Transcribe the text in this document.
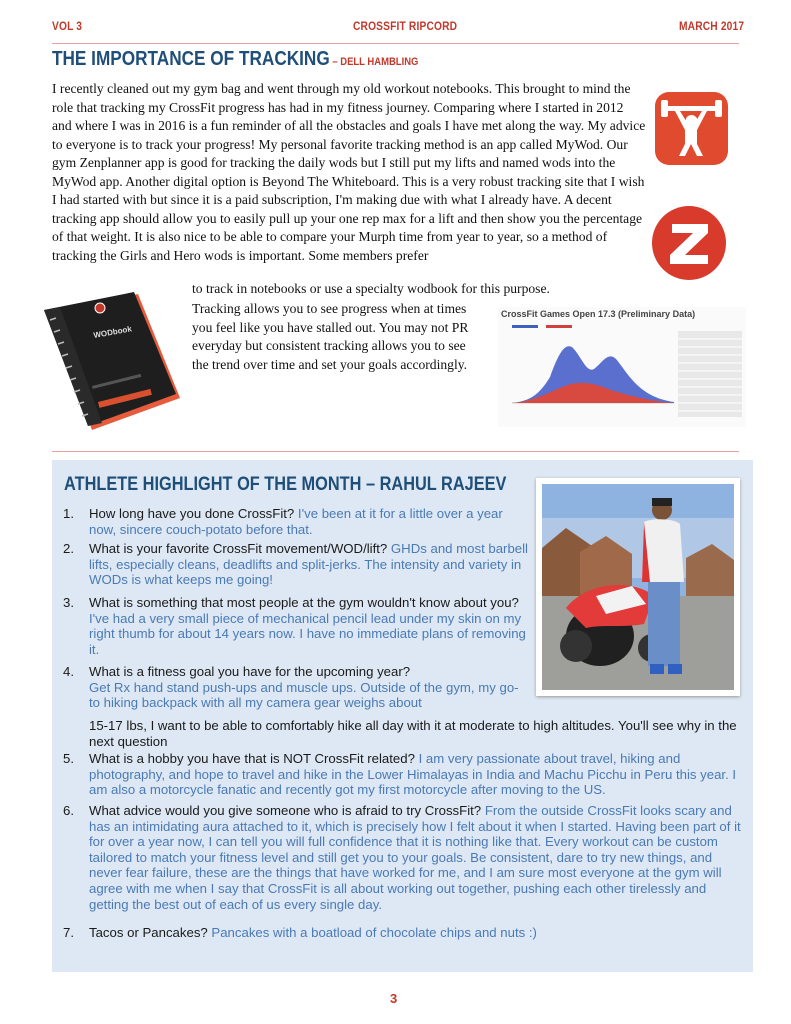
VOL 3	CROSSFIT RIPCORD	MARCH 2017
THE IMPORTANCE OF TRACKING – DELL HAMBLING
I recently cleaned out my gym bag and went through my old workout notebooks. This brought to mind the role that tracking my CrossFit progress has had in my fitness journey. Comparing where I started in 2012 and where I was in 2016 is a fun reminder of all the obstacles and goals I have met along the way. My advice to everyone is to track your progress! My personal favorite tracking method is an app called MyWod. Our gym Zenplanner app is good for tracking the daily wods but I still put my lifts and named wods into the MyWod app. Another digital option is Beyond The Whiteboard. This is a very robust tracking site that I wish I had started with but since it is a paid subscription, I'm making due with what I already have. A decent tracking app should allow you to easily pull up your one rep max for a lift and then show you the percentage of that weight. It is also nice to be able to compare your Murph time from year to year, so a method of tracking the Girls and Hero wods is important. Some members prefer
to track in notebooks or use a specialty wodbook for this purpose.
Tracking allows you to see progress when at times you feel like you have stalled out. You may not PR everyday but consistent tracking allows you to see the trend over time and set your goals accordingly.
WODbook
CrossFit Games Open 17.3 (Preliminary Data)
ATHLETE HIGHLIGHT OF THE MONTH – RAHUL RAJEEV
1. How long have you done CrossFit? I've been at it for a little over a year now, sincere couch-potato before that.
2. What is your favorite CrossFit movement/WOD/lift? GHDs and most barbell lifts, especially cleans, deadlifts and split-jerks. The intensity and variety in WODs is what keeps me going!
3. What is something that most people at the gym wouldn't know about you? I've had a very small piece of mechanical pencil lead under my skin on my right thumb for about 14 years now. I have no immediate plans of removing it.
4. What is a fitness goal you have for the upcoming year?
Get Rx hand stand push-ups and muscle ups. Outside of the gym, my go-to hiking backpack with all my camera gear weighs about
15-17 lbs, I want to be able to comfortably hike all day with it at moderate to high altitudes. You'll see why in the next question
5. What is a hobby you have that is NOT CrossFit related? I am very passionate about travel, hiking and photography, and hope to travel and hike in the Lower Himalayas in India and Machu Picchu in Peru this year. I am also a motorcycle fanatic and recently got my first motorcycle after moving to the US.
6. What advice would you give someone who is afraid to try CrossFit? From the outside CrossFit looks scary and has an intimidating aura attached to it, which is precisely how I felt about it when I started. Having been part of it for over a year now, I can tell you will full confidence that it is nothing like that. Every workout can be custom tailored to match your fitness level and still get you to your goals. Be consistent, dare to try new things, and never fear failure, these are the things that have worked for me, and I am sure most everyone at the gym will agree with me when I say that CrossFit is all about working out together, pushing each other tirelessly and getting the best out of each of us every single day.
7. Tacos or Pancakes? Pancakes with a boatload of chocolate chips and nuts :)
3
